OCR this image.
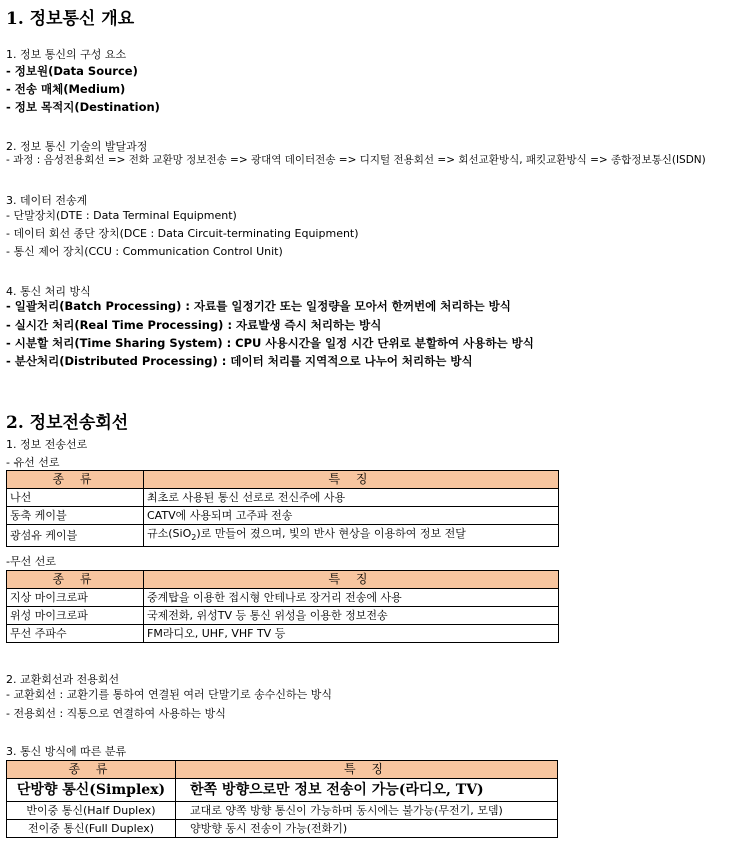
1. 정보통신 개요
1. 정보 통신의 구성 요소
- 정보원(Data Source)
- 전송 매체(Medium)
- 정보 목적지(Destination)
2. 정보 통신 기술의 발달과정
- 과정 : 음성전용회선 => 전화 교환망 정보전송 => 광대역 데이터전송 => 디지털 전용회선 => 회선교환방식, 패킷교환방식 => 종합정보통신(ISDN)
3. 데이터 전송계
- 단말장치(DTE : Data Terminal Equipment)
- 데이터 회선 종단 장치(DCE : Data Circuit-terminating Equipment)
- 통신 제어 장치(CCU : Communication Control Unit)
4. 통신 처리 방식
- 일괄처리(Batch Processing) : 자료를 일정기간 또는 일정량을 모아서 한꺼번에 처리하는 방식
- 실시간 처리(Real Time Processing) : 자료발생 즉시 처리하는 방식
- 시분할 처리(Time Sharing System) : CPU 사용시간을 일정 시간 단위로 분할하여 사용하는 방식
- 분산처리(Distributed Processing) : 데이터 처리를 지역적으로 나누어 처리하는 방식
2. 정보전송회선
1. 정보 전송선로
- 유선 선로
종 류	특 징
나선	최초로 사용된 통신 선로로 전신주에 사용
동축 케이블	CATV에 사용되며 고주파 전송
광섬유 케이블	규소(SiO$_2$)로 만들어 졌으며, 빛의 반사 현상을 이용하여 정보 전달
-무선 선로
종 류	특 징
지상 마이크로파	중계탑을 이용한 접시형 안테나로 장거리 전송에 사용
위성 마이크로파	국제전화, 위성TV 등 통신 위성을 이용한 정보전송
무선 주파수	FM라디오, UHF, VHF TV 등
2. 교환회선과 전용회선
- 교환회선 : 교환기를 통하여 연결된 여러 단말기로 송수신하는 방식
- 전용회선 : 직통으로 연결하여 사용하는 방식
3. 통신 방식에 따른 분류
종 류	특 징
단방향 통신(Simplex)	한쪽 방향으로만 정보 전송이 가능(라디오, TV)
반이중 통신(Half Duplex)	교대로 양쪽 방향 통신이 가능하며 동시에는 불가능(무전기, 모뎀)
전이중 통신(Full Duplex)	양방향 동시 전송이 가능(전화기)
